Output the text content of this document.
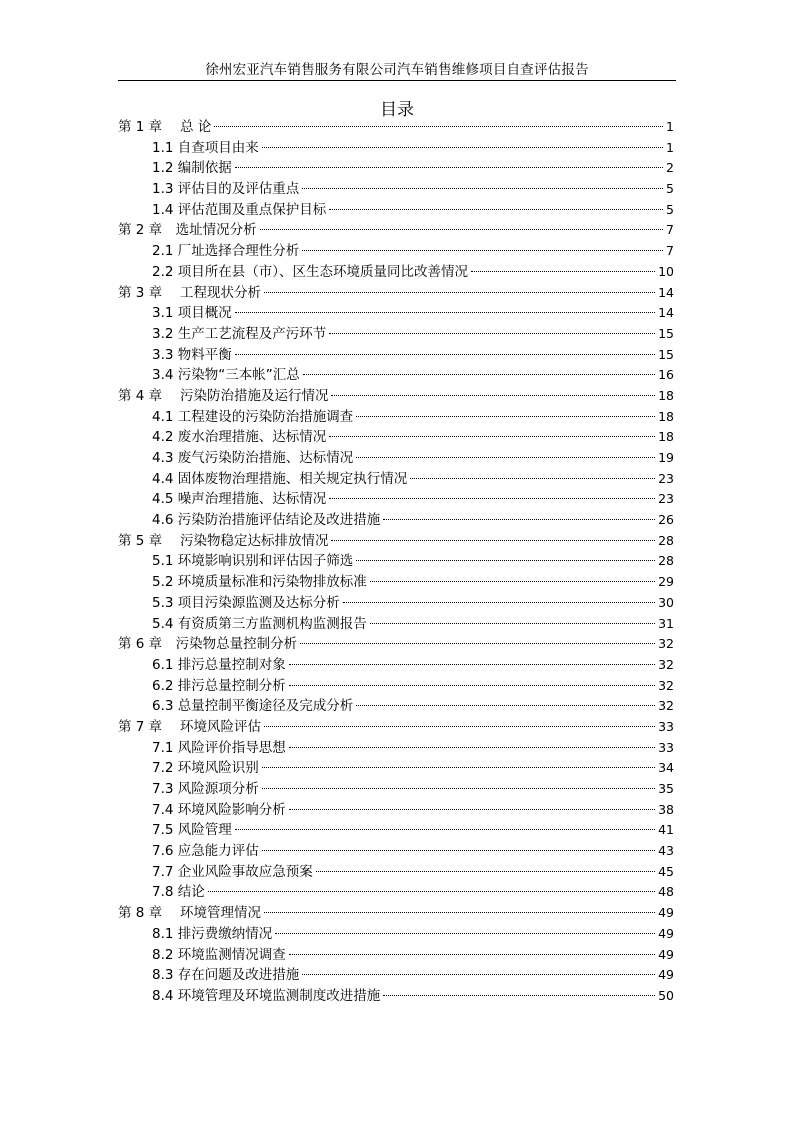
徐州宏亚汽车销售服务有限公司汽车销售维修项目自查评估报告
目录
第 1 章　 总 论	1
1.1 自查项目由来	1
1.2 编制依据	2
1.3 评估目的及评估重点	5
1.4 评估范围及重点保护目标	5
第 2 章　选址情况分析	7
2.1 厂址选择合理性分析	7
2.2 项目所在县（市）、区生态环境质量同比改善情况	10
第 3 章　 工程现状分析	14
3.1 项目概况	14
3.2 生产工艺流程及产污环节	15
3.3 物料平衡	15
3.4 污染物“三本帐”汇总	16
第 4 章　 污染防治措施及运行情况	18
4.1 工程建设的污染防治措施调查	18
4.2 废水治理措施、达标情况	18
4.3 废气污染防治措施、达标情况	19
4.4 固体废物治理措施、相关规定执行情况	23
4.5 噪声治理措施、达标情况	23
4.6 污染防治措施评估结论及改进措施	26
第 5 章　 污染物稳定达标排放情况	28
5.1 环境影响识别和评估因子筛选	28
5.2 环境质量标准和污染物排放标准	29
5.3 项目污染源监测及达标分析	30
5.4 有资质第三方监测机构监测报告	31
第 6 章　污染物总量控制分析	32
6.1 排污总量控制对象	32
6.2 排污总量控制分析	32
6.3 总量控制平衡途径及完成分析	32
第 7 章　 环境风险评估	33
7.1 风险评价指导思想	33
7.2 环境风险识别	34
7.3 风险源项分析	35
7.4 环境风险影响分析	38
7.5 风险管理	41
7.6 应急能力评估	43
7.7 企业风险事故应急预案	45
7.8 结论	48
第 8 章　 环境管理情况	49
8.1 排污费缴纳情况	49
8.2 环境监测情况调查	49
8.3 存在问题及改进措施	49
8.4 环境管理及环境监测制度改进措施	50
